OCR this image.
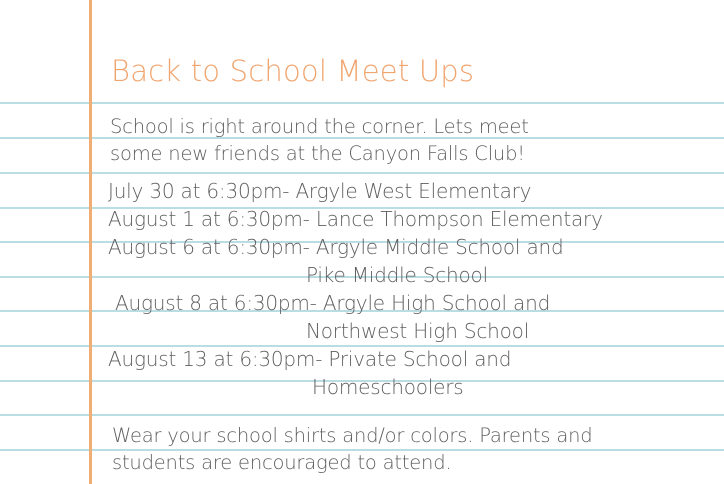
Back to School Meet Ups
School is right around the corner. Lets meet
some new friends at the Canyon Falls Club!
July 30 at 6:30pm- Argyle West Elementary
August 1 at 6:30pm- Lance Thompson Elementary
August 6 at 6:30pm- Argyle Middle School and
Pike Middle School
August 8 at 6:30pm- Argyle High School and
Northwest High School
August 13 at 6:30pm- Private School and
Homeschoolers
Wear your school shirts and/or colors. Parents and
students are encouraged to attend.
